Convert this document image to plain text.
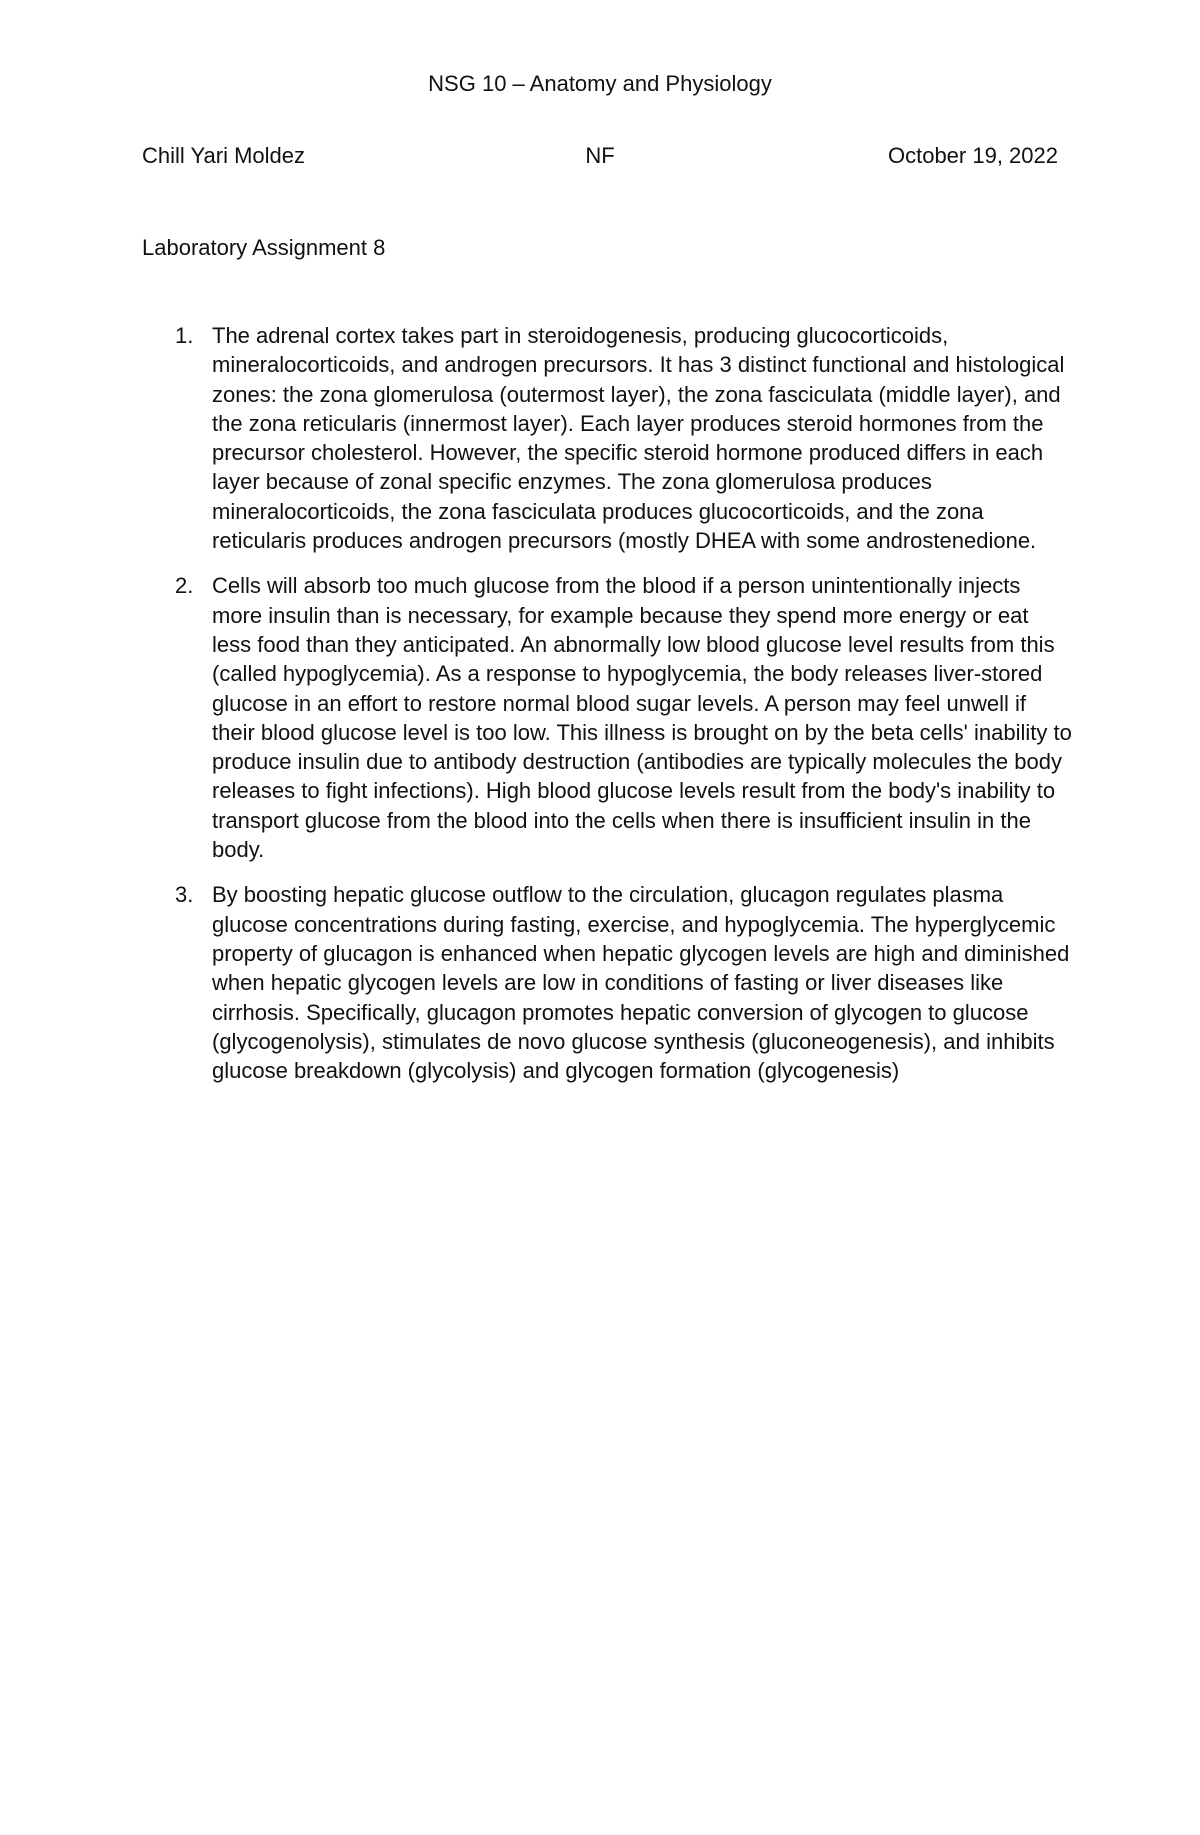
NSG 10 – Anatomy and Physiology
Chill Yari Moldez	NF	October 19, 2022
Laboratory Assignment 8
1. The adrenal cortex takes part in steroidogenesis, producing glucocorticoids, mineralocorticoids, and androgen precursors. It has 3 distinct functional and histological zones: the zona glomerulosa (outermost layer), the zona fasciculata (middle layer), and the zona reticularis (innermost layer). Each layer produces steroid hormones from the precursor cholesterol. However, the specific steroid hormone produced differs in each layer because of zonal specific enzymes. The zona glomerulosa produces mineralocorticoids, the zona fasciculata produces glucocorticoids, and the zona reticularis produces androgen precursors (mostly DHEA with some androstenedione.
2. Cells will absorb too much glucose from the blood if a person unintentionally injects more insulin than is necessary, for example because they spend more energy or eat less food than they anticipated. An abnormally low blood glucose level results from this (called hypoglycemia). As a response to hypoglycemia, the body releases liver-stored glucose in an effort to restore normal blood sugar levels. A person may feel unwell if their blood glucose level is too low. This illness is brought on by the beta cells' inability to produce insulin due to antibody destruction (antibodies are typically molecules the body releases to fight infections). High blood glucose levels result from the body's inability to transport glucose from the blood into the cells when there is insufficient insulin in the body.
3. By boosting hepatic glucose outflow to the circulation, glucagon regulates plasma glucose concentrations during fasting, exercise, and hypoglycemia. The hyperglycemic property of glucagon is enhanced when hepatic glycogen levels are high and diminished when hepatic glycogen levels are low in conditions of fasting or liver diseases like cirrhosis. Specifically, glucagon promotes hepatic conversion of glycogen to glucose (glycogenolysis), stimulates de novo glucose synthesis (gluconeogenesis), and inhibits glucose breakdown (glycolysis) and glycogen formation (glycogenesis)
